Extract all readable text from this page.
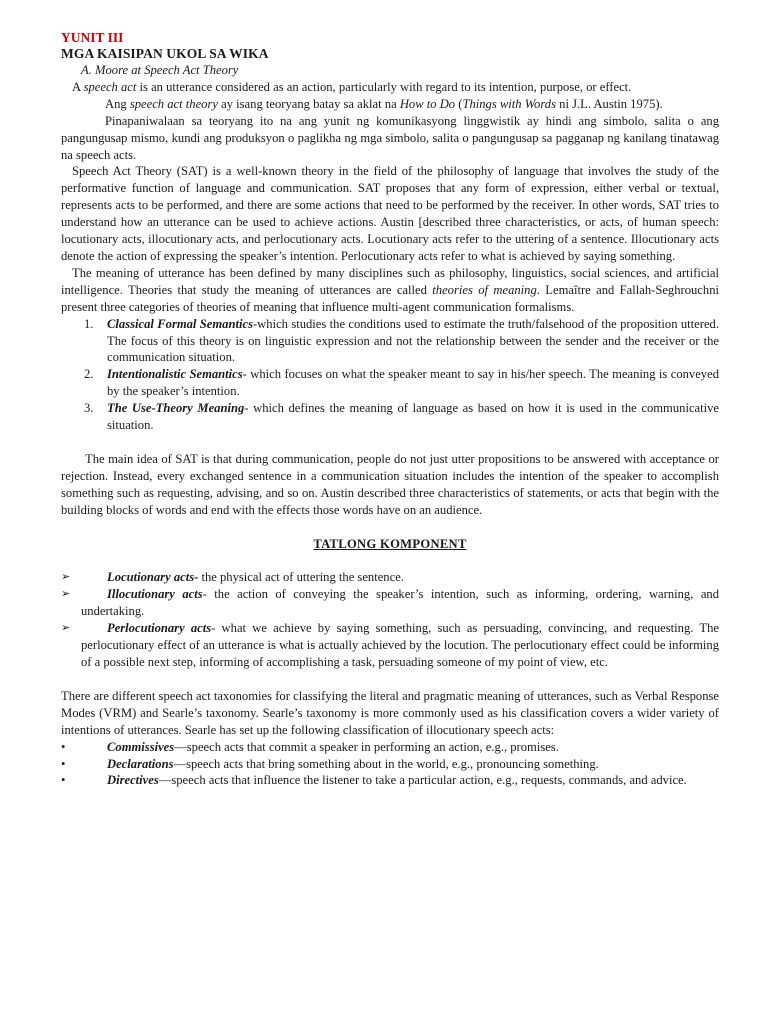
YUNIT III
MGA KAISIPAN UKOL SA WIKA
A. Moore at Speech Act Theory

A speech act is an utterance considered as an action, particularly with regard to its intention, purpose, or effect.

Ang speech act theory ay isang teoryang batay sa aklat na How to Do (Things with Words ni J.L. Austin 1975).

Pinapaniwalaan sa teoryang ito na ang yunit ng komunikasyong linggwistik ay hindi ang simbolo, salita o ang pangungusap mismo, kundi ang produksyon o paglikha ng mga simbolo, salita o pangungusap sa pagganap ng kanilang tinatawag na speech acts.

Speech Act Theory (SAT) is a well-known theory in the field of the philosophy of language that involves the study of the performative function of language and communication. SAT proposes that any form of expression, either verbal or textual, represents acts to be performed, and there are some actions that need to be performed by the receiver. In other words, SAT tries to understand how an utterance can be used to achieve actions. Austin [described three characteristics, or acts, of human speech: locutionary acts, illocutionary acts, and perlocutionary acts. Locutionary acts refer to the uttering of a sentence. Illocutionary acts denote the action of expressing the speaker’s intention. Perlocutionary acts refer to what is achieved by saying something.

The meaning of utterance has been defined by many disciplines such as philosophy, linguistics, social sciences, and artificial intelligence. Theories that study the meaning of utterances are called theories of meaning. Lemaître and Fallah-Seghrouchni present three categories of theories of meaning that influence multi-agent communication formalisms.

1. Classical Formal Semantics-which studies the conditions used to estimate the truth/falsehood of the proposition uttered. The focus of this theory is on linguistic expression and not the relationship between the sender and the receiver or the communication situation.
2. Intentionalistic Semantics- which focuses on what the speaker meant to say in his/her speech. The meaning is conveyed by the speaker’s intention.
3. The Use-Theory Meaning- which defines the meaning of language as based on how it is used in the communicative situation.

The main idea of SAT is that during communication, people do not just utter propositions to be answered with acceptance or rejection. Instead, every exchanged sentence in a communication situation includes the intention of the speaker to accomplish something such as requesting, advising, and so on. Austin described three characteristics of statements, or acts that begin with the building blocks of words and end with the effects those words have on an audience.

TATLONG KOMPONENT
➢	Locutionary acts- the physical act of uttering the sentence.
➢	Illocutionary acts- the action of conveying the speaker’s intention, such as informing, ordering, warning, and undertaking.
➢	Perlocutionary acts- what we achieve by saying something, such as persuading, convincing, and requesting. The perlocutionary effect of an utterance is what is actually achieved by the locution. The perlocutionary effect could be informing of a possible next step, informing of accomplishing a task, persuading someone of my point of view, etc.

There are different speech act taxonomies for classifying the literal and pragmatic meaning of utterances, such as Verbal Response Modes (VRM) and Searle’s taxonomy. Searle’s taxonomy is more commonly used as his classification covers a wider variety of intentions of utterances. Searle has set up the following classification of illocutionary speech acts:

•	Commissives—speech acts that commit a speaker in performing an action, e.g., promises.
•	Declarations—speech acts that bring something about in the world, e.g., pronouncing something.
•	Directives—speech acts that influence the listener to take a particular action, e.g., requests, commands, and advice.
